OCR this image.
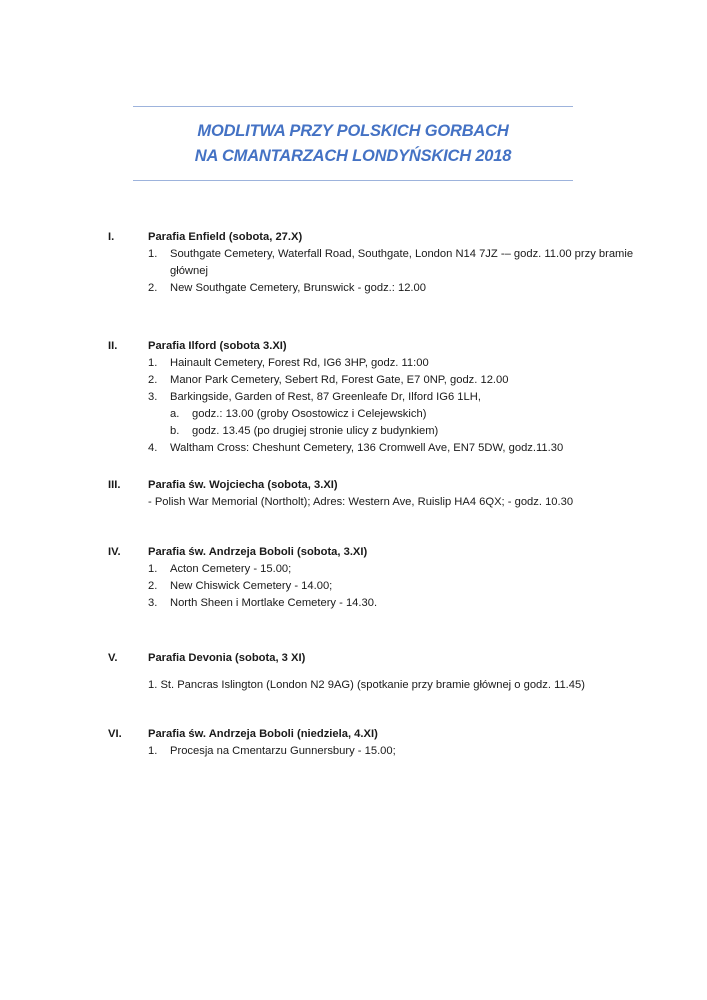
MODLITWA PRZY POLSKICH GORBACH
NA CMANTARZACH LONDYŃSKICH 2018
I.	Parafia Enfield (sobota, 27.X)
1.	Southgate Cemetery, Waterfall Road, Southgate, London N14 7JZ -– godz. 11.00 przy bramie głównej
2.	New Southgate Cemetery, Brunswick - godz.: 12.00
II.	Parafia Ilford (sobota 3.XI)
1.	Hainault Cemetery, Forest Rd, IG6 3HP, godz. 11:00
2.	Manor Park Cemetery, Sebert Rd, Forest Gate, E7 0NP, godz. 12.00
3.	Barkingside, Garden of Rest, 87 Greenleafe Dr, Ilford IG6 1LH,
a.	godz.: 13.00 (groby Osostowicz i Celejewskich)
b.	godz. 13.45 (po drugiej stronie ulicy z budynkiem)
4.	Waltham Cross: Cheshunt Cemetery, 136 Cromwell Ave, EN7 5DW, godz.11.30
III.	Parafia św. Wojciecha (sobota, 3.XI)
- Polish War Memorial (Northolt); Adres: Western Ave, Ruislip HA4 6QX; - godz. 10.30
IV.	Parafia św. Andrzeja Boboli (sobota, 3.XI)
1.	Acton Cemetery - 15.00;
2.	New Chiswick Cemetery - 14.00;
3.	North Sheen i Mortlake Cemetery - 14.30.
V.	Parafia Devonia (sobota, 3 XI)
1. St. Pancras Islington (London N2 9AG) (spotkanie przy bramie głównej o godz. 11.45)
VI.	Parafia św. Andrzeja Boboli (niedziela, 4.XI)
1.	Procesja na Cmentarzu Gunnersbury - 15.00;
